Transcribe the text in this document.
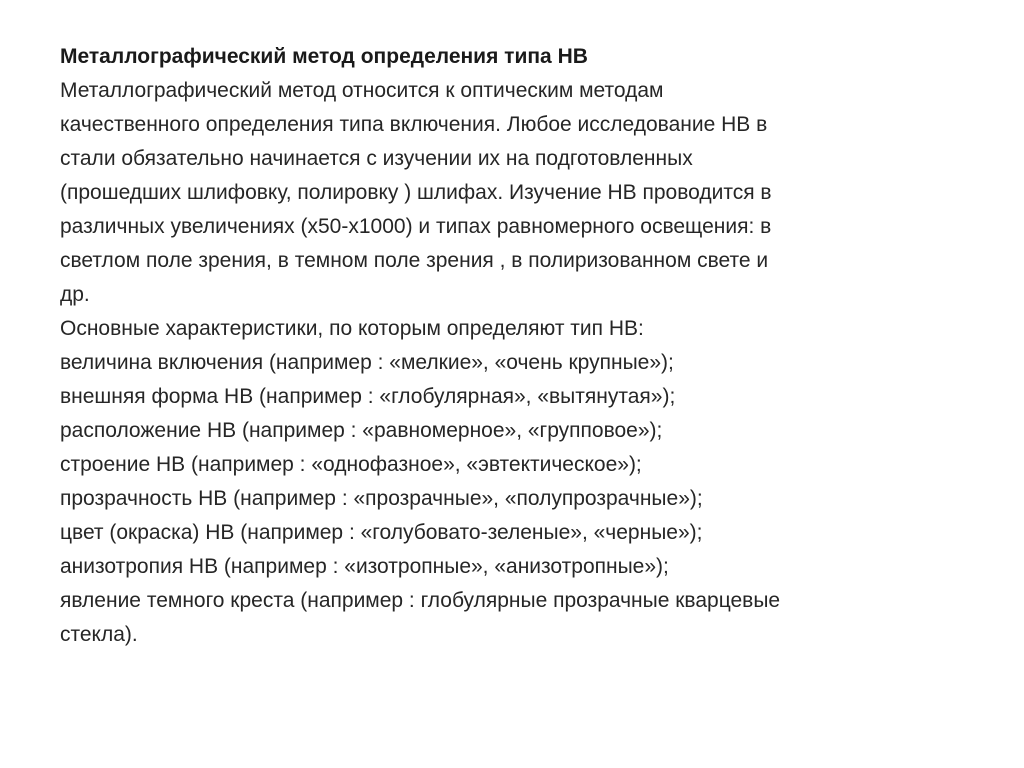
Металлографический метод определения типа НВ
Металлографический метод относится к оптическим методам
качественного определения типа включения. Любое исследование НВ в
стали обязательно начинается с изучении их на подготовленных
(прошедших шлифовку, полировку ) шлифах. Изучение НВ проводится в
различных увеличениях (х50-х1000) и типах равномерного освещения: в
светлом поле зрения, в темном поле зрения , в полиризованном свете и
др.
Основные характеристики, по которым определяют тип НВ:
величина включения (например : «мелкие», «очень крупные»);
внешняя форма НВ (например : «глобулярная», «вытянутая»);
расположение НВ (например : «равномерное», «групповое»);
строение НВ (например : «однофазное», «эвтектическое»);
прозрачность НВ (например : «прозрачные», «полупрозрачные»);
цвет (окраска) НВ (например : «голубовато-зеленые», «черные»);
анизотропия НВ (например : «изотропные», «анизотропные»);
явление темного креста (например : глобулярные прозрачные кварцевые
стекла).
